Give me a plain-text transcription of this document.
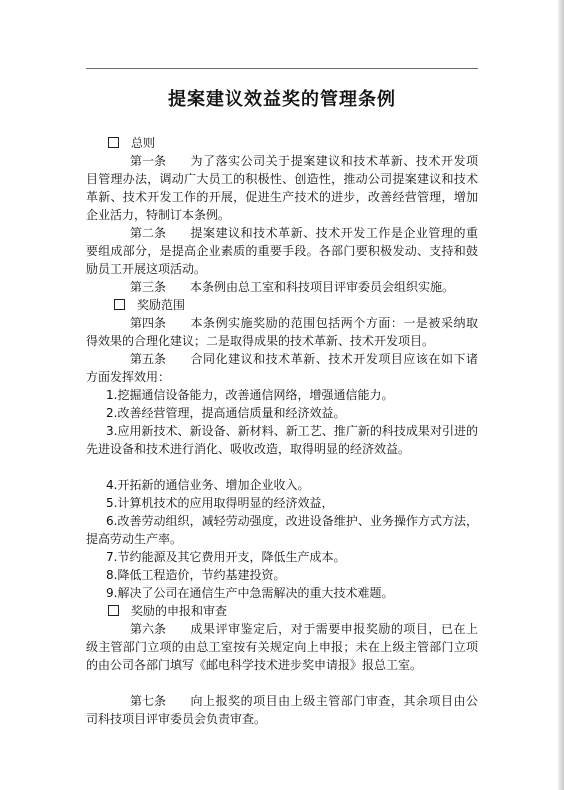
提案建议效益奖的管理条例

总则

第一条 为了落实公司关于提案建议和技术革新、技术开发项目管理办法，调动广大员工的积极性、创造性，推动公司提案建议和技术革新、技术开发工作的开展，促进生产技术的进步，改善经营管理，增加企业活力，特制订本条例。

第二条 提案建议和技术革新、技术开发工作是企业管理的重要组成部分，是提高企业素质的重要手段。各部门要积极发动、支持和鼓励员工开展这项活动。

第三条 本条例由总工室和科技项目评审委员会组织实施。

奖励范围

第四条 本条例实施奖励的范围包括两个方面：一是被采纳取得效果的合理化建议；二是取得成果的技术革新、技术开发项目。

第五条 合同化建议和技术革新、技术开发项目应该在如下诸方面发挥效用：

1.挖掘通信设备能力，改善通信网络，增强通信能力。

2.改善经营管理，提高通信质量和经济效益。

3.应用新技术、新设备、新材料、新工艺、推广新的科技成果对引进的先进设备和技术进行消化、吸收改造，取得明显的经济效益。

4.开拓新的通信业务、增加企业收入。

5.计算机技术的应用取得明显的经济效益，

6.改善劳动组织，减轻劳动强度，改进设备维护、业务操作方式方法，提高劳动生产率。

7.节约能源及其它费用开支，降低生产成本。

8.降低工程造价，节约基建投资。

9.解决了公司在通信生产中急需解决的重大技术难题。

奖励的申报和审查

第六条 成果评审鉴定后，对于需要申报奖励的项目，已在上级主管部门立项的由总工室按有关规定向上申报；未在上级主管部门立项的由公司各部门填写《邮电科学技术进步奖申请报》报总工室。

第七条 向上报奖的项目由上级主管部门审查，其余项目由公司科技项目评审委员会负责审查。
